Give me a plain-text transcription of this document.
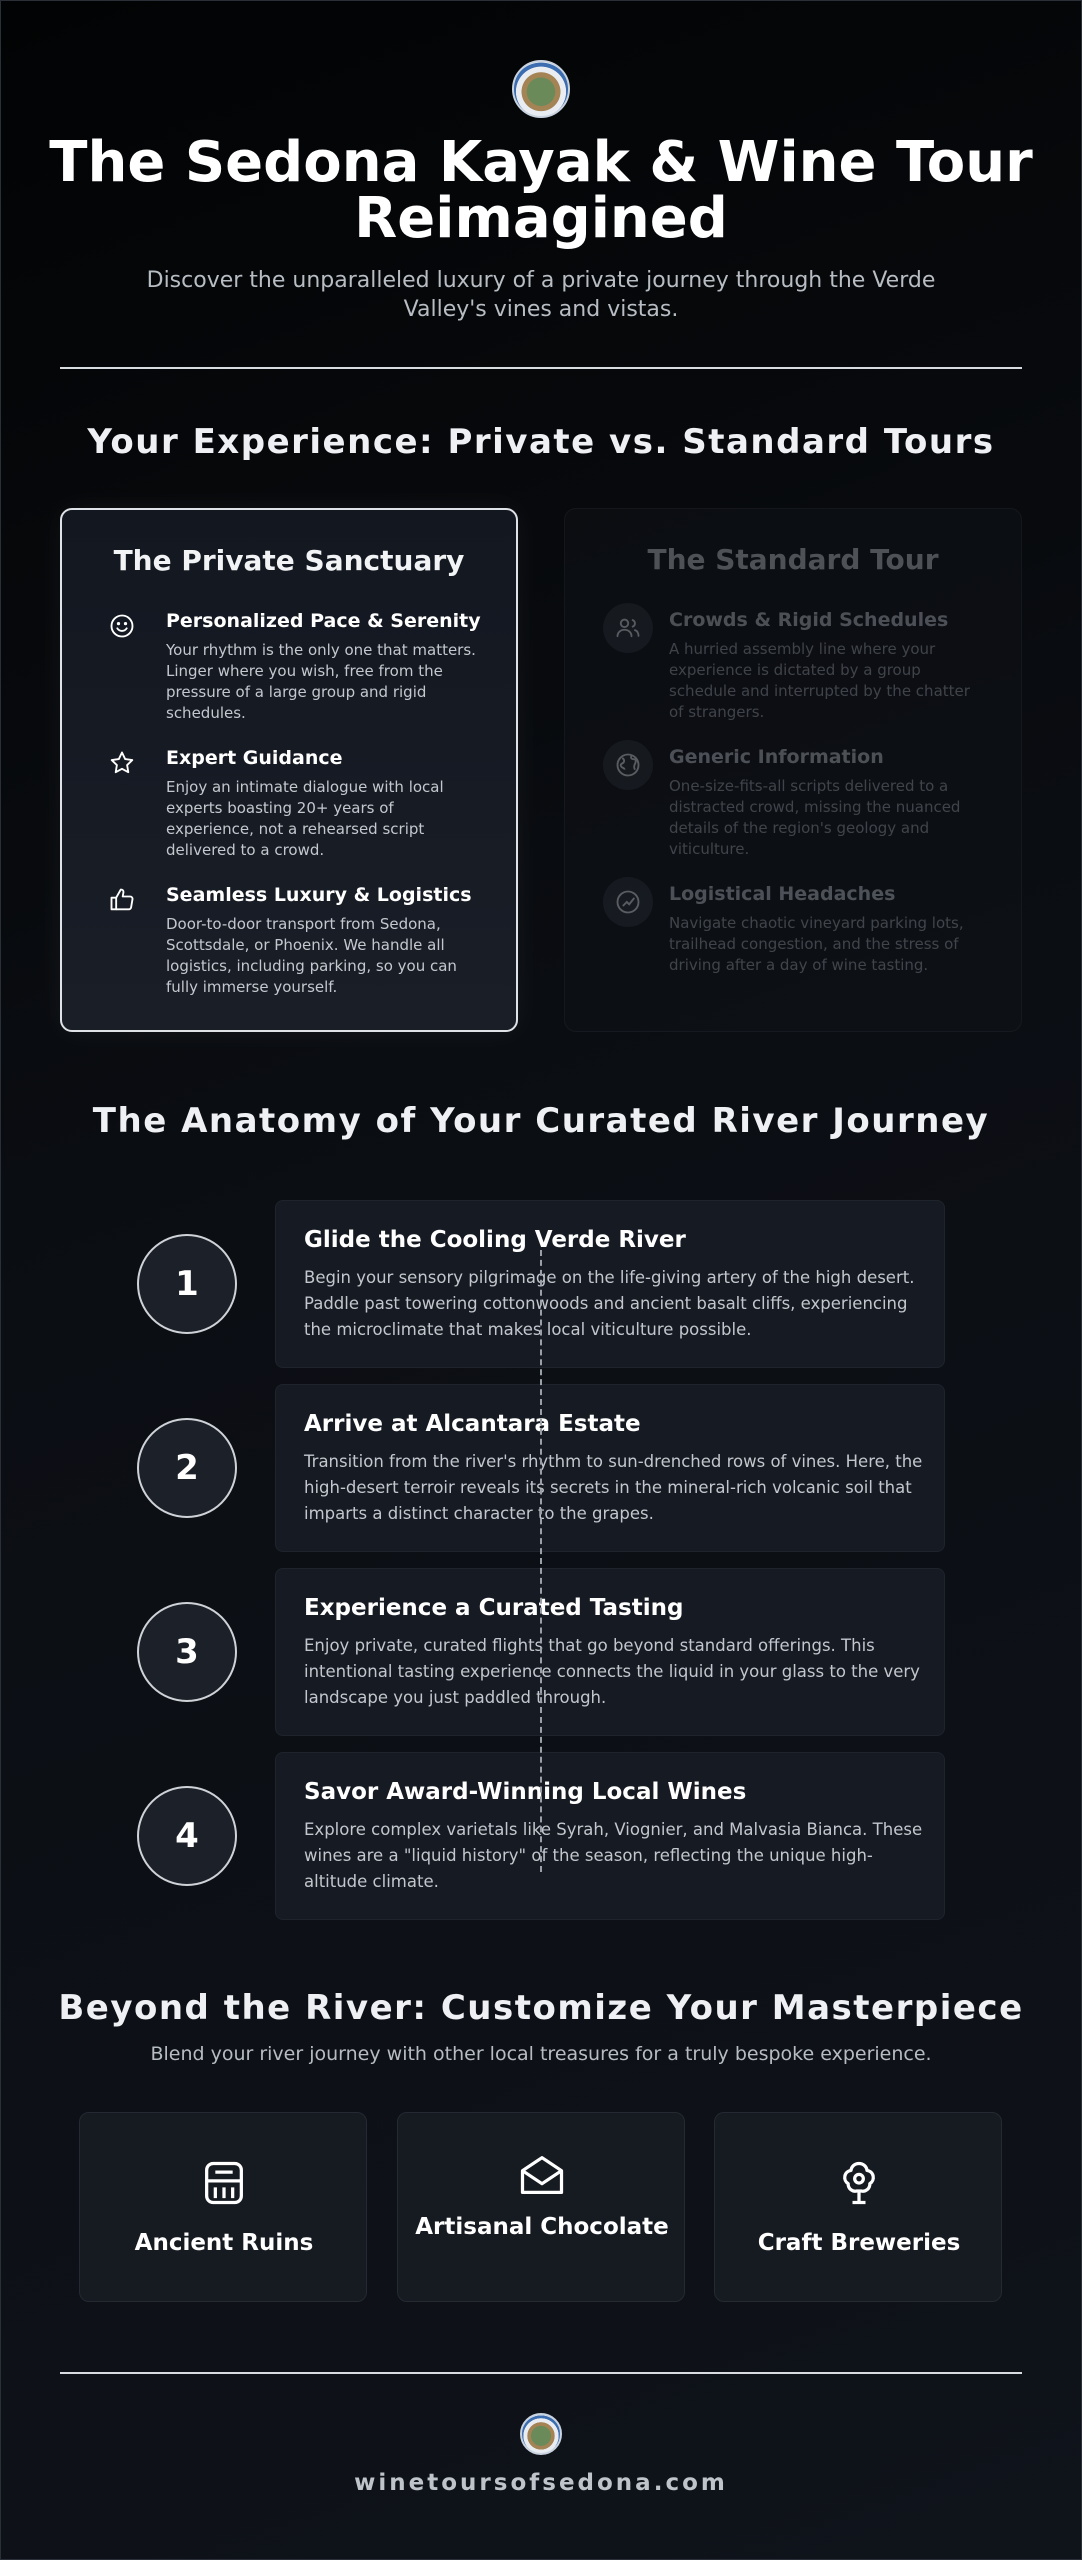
The Sedona Kayak & Wine Tour
Reimagined
Discover the unparalleled luxury of a private journey through the Verde
Valley's vines and vistas.
Your Experience: Private vs. Standard Tours
The Private Sanctuary
Personalized Pace & Serenity
Your rhythm is the only one that matters. Linger where you wish, free from the pressure of a large group and rigid schedules.
Expert Guidance
Enjoy an intimate dialogue with local experts boasting 20+ years of experience, not a rehearsed script delivered to a crowd.
Seamless Luxury & Logistics
Door-to-door transport from Sedona, Scottsdale, or Phoenix. We handle all logistics, including parking, so you can fully immerse yourself.
The Standard Tour
Crowds & Rigid Schedules
A hurried assembly line where your experience is dictated by a group schedule and interrupted by the chatter of strangers.
Generic Information
One-size-fits-all scripts delivered to a distracted crowd, missing the nuanced details of the region's geology and viticulture.
Logistical Headaches
Navigate chaotic vineyard parking lots, trailhead congestion, and the stress of driving after a day of wine tasting.
The Anatomy of Your Curated River Journey
1
Glide the Cooling Verde River
Begin your sensory pilgrimage on the life-giving artery of the high desert. Paddle past towering cottonwoods and ancient basalt cliffs, experiencing the microclimate that makes local viticulture possible.
2
Arrive at Alcantara Estate
Transition from the river's rhythm to sun-drenched rows of vines. Here, the high-desert terroir reveals its secrets in the mineral-rich volcanic soil that imparts a distinct character to the grapes.
3
Experience a Curated Tasting
Enjoy private, curated flights that go beyond standard offerings. This intentional tasting experience connects the liquid in your glass to the very landscape you just paddled through.
4
Savor Award-Winning Local Wines
Explore complex varietals like Syrah, Viognier, and Malvasia Bianca. These wines are a "liquid history" of the season, reflecting the unique high-altitude climate.
Beyond the River: Customize Your Masterpiece
Blend your river journey with other local treasures for a truly bespoke experience.
Ancient Ruins
Artisanal Chocolate
Craft Breweries
winetoursofsedona.com
